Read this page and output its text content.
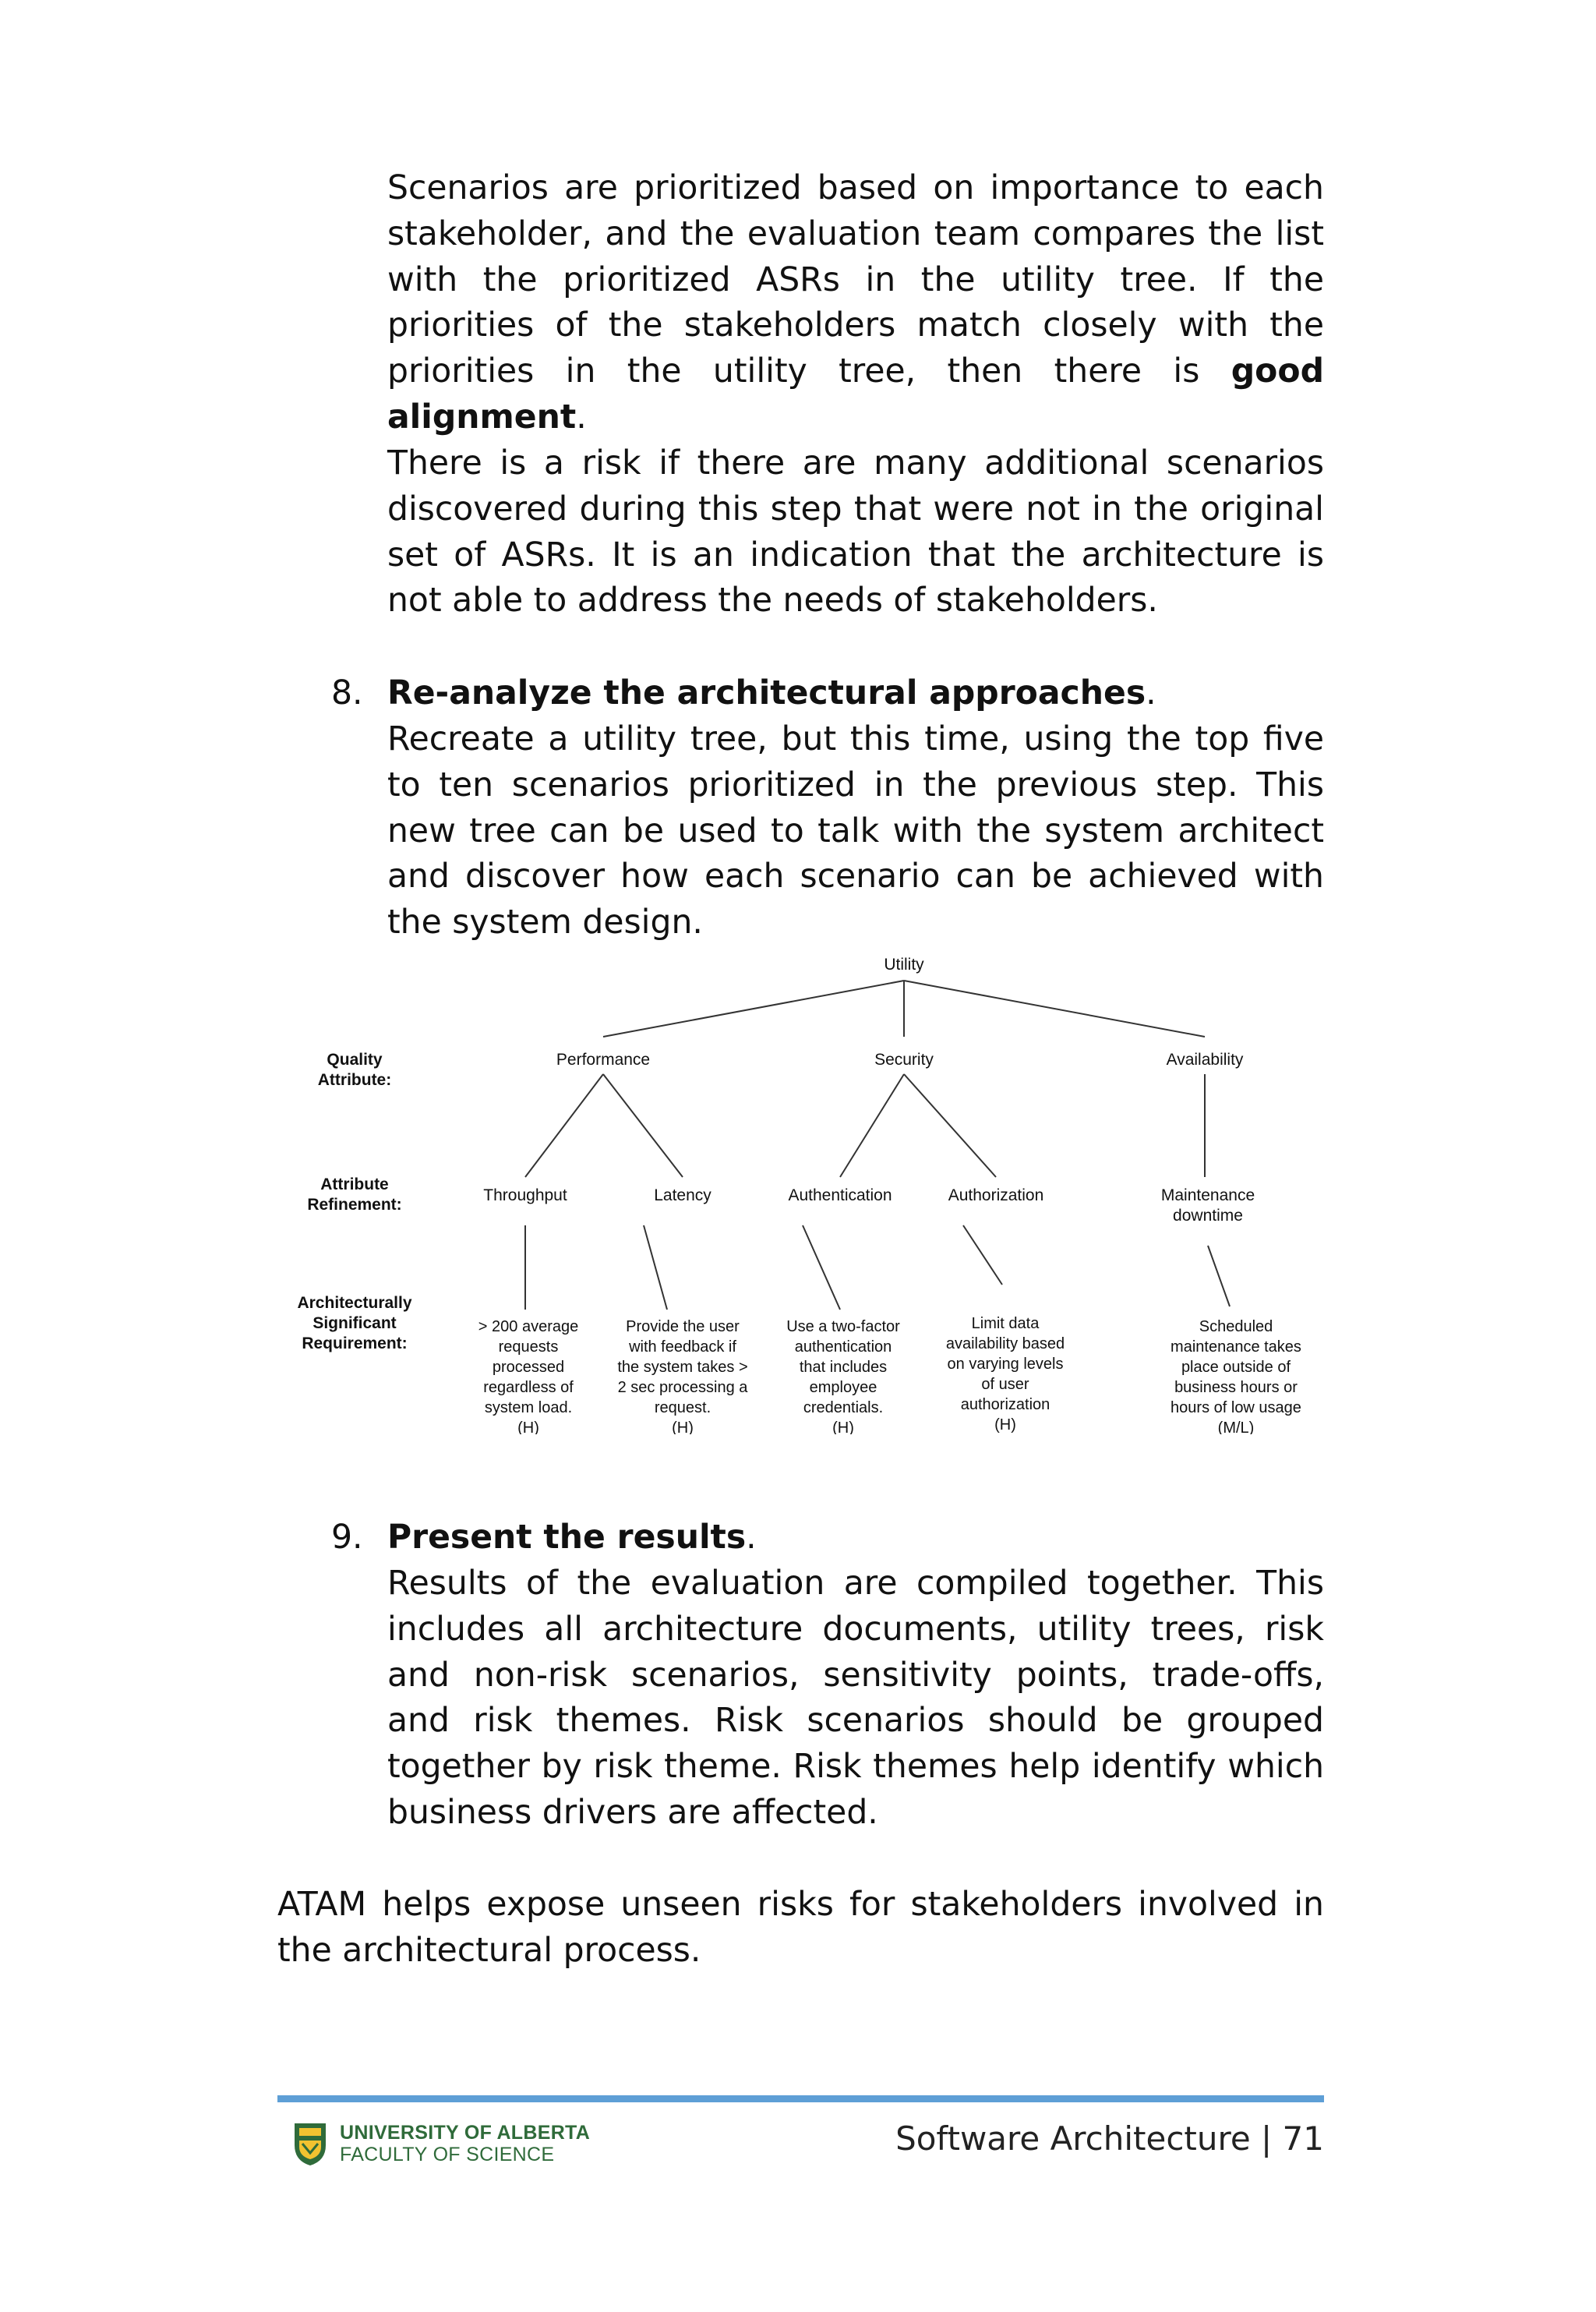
Scenarios are prioritized based on importance to each stakeholder, and the evaluation team compares the list with the prioritized ASRs in the utility tree. If the priorities of the stakeholders match closely with the priorities in the utility tree, then there is good alignment.

There is a risk if there are many additional scenarios discovered during this step that were not in the original set of ASRs. It is an indication that the architecture is not able to address the needs of stakeholders.

8. Re-analyze the architectural approaches.

Recreate a utility tree, but this time, using the top five to ten scenarios prioritized in the previous step. This new tree can be used to talk with the system architect and discover how each scenario can be achieved with the system design.

Quality
Attribute:
Attribute
Refinement:
Architecturally
Significant
Requirement:
Utility
Performance	Security	Availability
Throughput	Latency	Authentication	Authorization	Maintenance
downtime
> 200 average
requests
processed
regardless of
system load.
(H)
Provide the user
with feedback if
the system takes >
2 sec processing a
request.
(H)
Use a two-factor
authentication
that includes
employee
credentials.
(H)
Limit data
availability based
on varying levels
of user
authorization
(H)
Scheduled
maintenance takes
place outside of
business hours or
hours of low usage
(M/L)

9. Present the results.

Results of the evaluation are compiled together. This includes all architecture documents, utility trees, risk and non-risk scenarios, sensitivity points, trade-offs, and risk themes. Risk scenarios should be grouped together by risk theme. Risk themes help identify which business drivers are affected.

ATAM helps expose unseen risks for stakeholders involved in the architectural process.

UNIVERSITY OF ALBERTA
FACULTY OF SCIENCE	Software Architecture | 71
